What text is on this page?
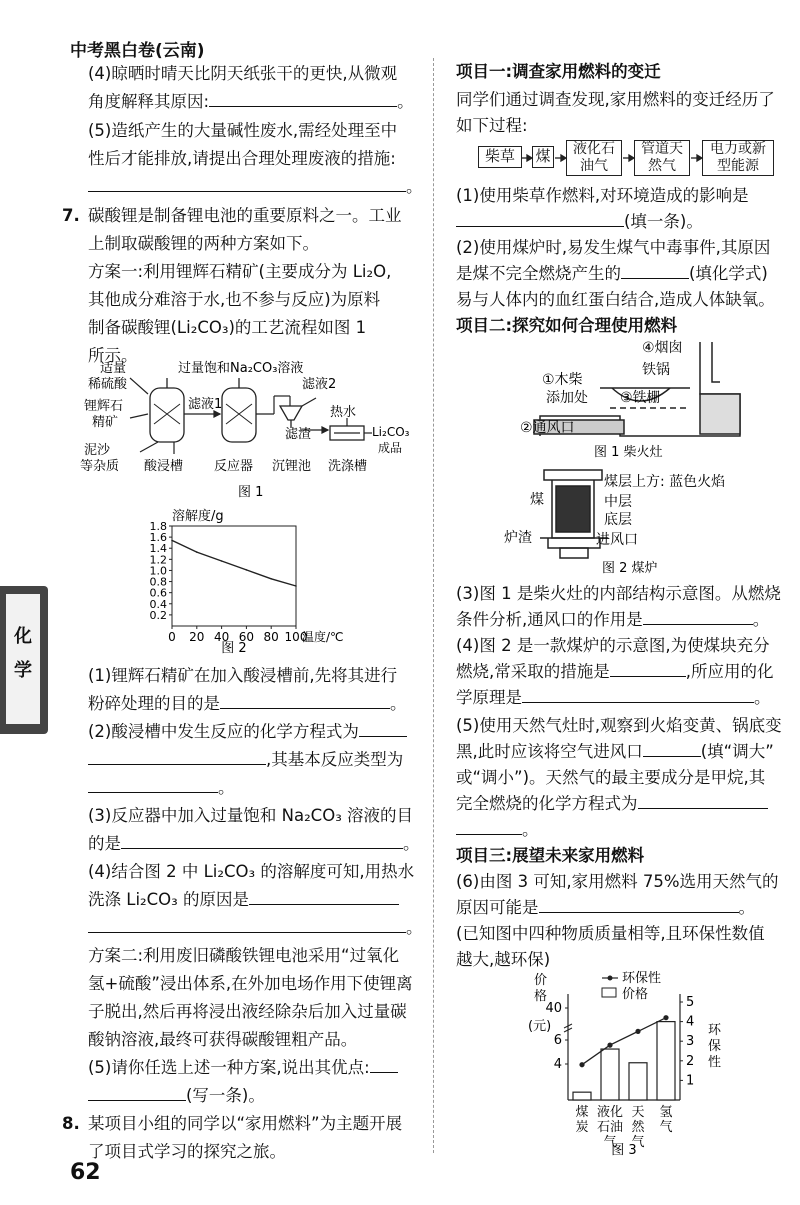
中考黑白卷(云南)
化
学
(4)晾晒时晴天比阴天纸张干的更快,从微观
角度解释其原因:	。
(5)造纸产生的大量碱性废水,需经处理至中
性后才能排放,请提出合理处理废液的措施:
。
7. 碳酸锂是制备锂电池的重要原料之一。工业
上制取碳酸锂的两种方案如下。
方案一:利用锂辉石精矿(主要成分为 Li₂O,
其他成分难溶于水,也不参与反应)为原料
制备碳酸锂(Li₂CO₃)的工艺流程如图 1
所示。
适量
稀硫酸
锂辉石
精矿
过量饱和Na₂CO₃溶液
滤液2
滤液1
热水
滤渣	Li₂CO₃
成品
泥沙
等杂质 酸浸槽 反应器 沉锂池 洗涤槽
图 1
溶解度/g
0.2
0.4
0.6
0.8
1.0
1.2
1.4
1.6
1.8
0 20 40 60 80 100
温度/℃
图 2
(1)锂辉石精矿在加入酸浸槽前,先将其进行
粉碎处理的目的是	。
(2)酸浸槽中发生反应的化学方程式为
,其基本反应类型为
。
(3)反应器中加入过量饱和 Na₂CO₃ 溶液的目
的是	。
(4)结合图 2 中 Li₂CO₃ 的溶解度可知,用热水
洗涤 Li₂CO₃ 的原因是
。
方案二:利用废旧磷酸铁锂电池采用“过氧化
氢+硫酸”浸出体系,在外加电场作用下使锂离
子脱出,然后再将浸出液经除杂后加入过量碳
酸钠溶液,最终可获得碳酸锂粗产品。
(5)请你任选上述一种方案,说出其优点:
(写一条)。
8. 某项目小组的同学以“家用燃料”为主题开展
了项目式学习的探究之旅。
62
项目一:调查家用燃料的变迁
同学们通过调查发现,家用燃料的变迁经历了
如下过程:
柴草	煤	液化石
油气
管道天
然气
电力或新
型能源
(1)使用柴草作燃料,对环境造成的影响是
(填一条)。
(2)使用煤炉时,易发生煤气中毒事件,其原因
是煤不完全燃烧产生的	(填化学式)
易与人体内的血红蛋白结合,造成人体缺氧。
项目二:探究如何合理使用燃料
④烟囱
铁锅
①木柴
添加处 ③铁栅
②通风口
图 1 柴火灶
煤层上方: 蓝色火焰
煤	中层
底层
炉渣	进风口
图 2 煤炉
(3)图 1 是柴火灶的内部结构示意图。从燃烧
条件分析,通风口的作用是	。
(4)图 2 是一款煤炉的示意图,为使煤块充分
燃烧,常采取的措施是	,所应用的化
学原理是	。
(5)使用天然气灶时,观察到火焰变黄、锅底变
黑,此时应该将空气进风口	(填“调大”
或“调小”)。天然气的最主要成分是甲烷,其
完全燃烧的化学方程式为
。
项目三:展望未来家用燃料
(6)由图 3 可知,家用燃料 75%选用天然气的
原因可能是	。
(已知图中四种物质质量相等,且环保性数值
越大,越环保)
环保性
价格
价
格
(元)
4
6
40
1
2
3
4
5
环
保
性
煤
炭
液化
石油
气
天
然
气
氢
气
图 3
